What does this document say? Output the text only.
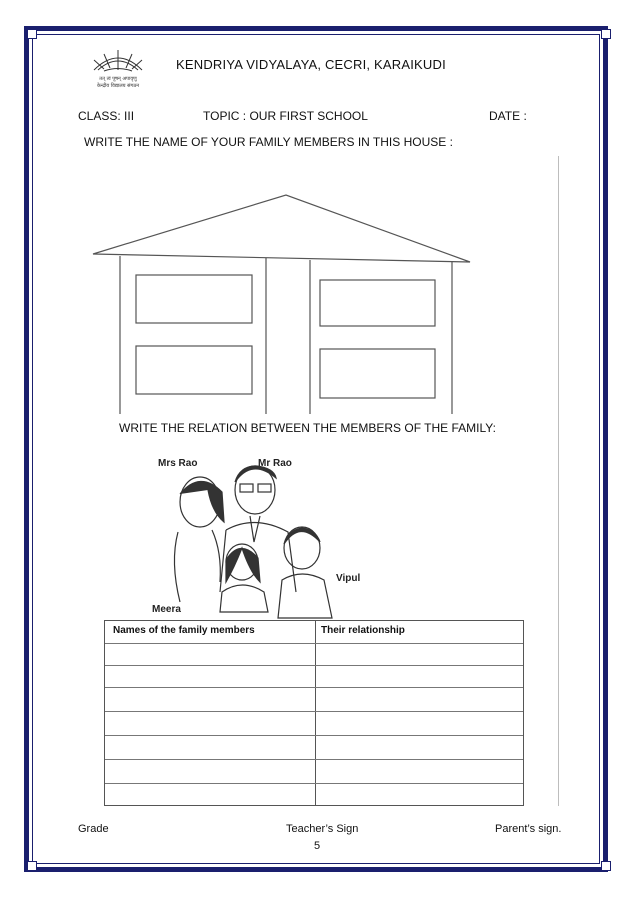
तत् त्वं पूषन् अपावृणु
केन्द्रीय विद्यालय संगठन
KENDRIYA VIDYALAYA, CECRI, KARAIKUDI
CLASS: III	TOPIC : OUR FIRST SCHOOL	DATE :
WRITE THE NAME OF YOUR FAMILY MEMBERS IN THIS HOUSE :
WRITE THE RELATION BETWEEN THE MEMBERS OF THE FAMILY:
Mrs Rao	Mr Rao
Vipul
Meera
Names of the family members	Their relationship
Grade	Teacher’s Sign	Parent’s sign.
5
